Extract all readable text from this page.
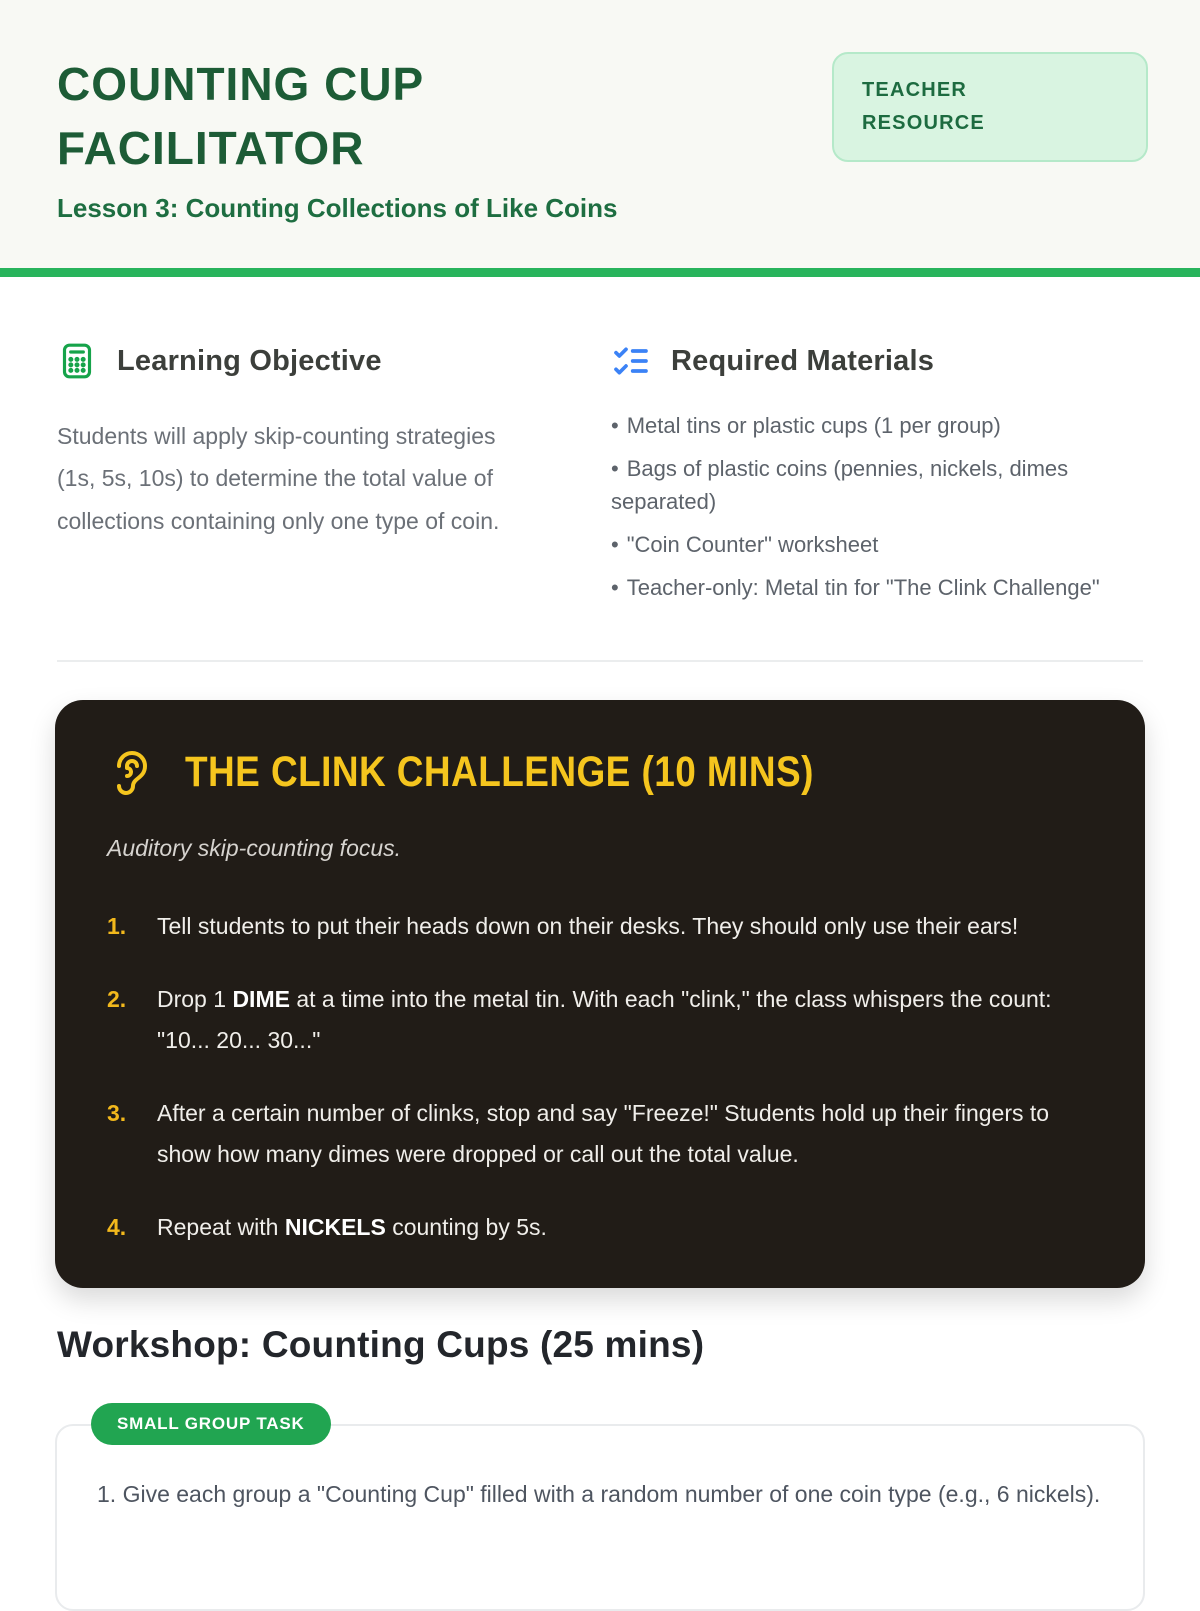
COUNTING CUP
FACILITATOR
Lesson 3: Counting Collections of Like Coins
TEACHER RESOURCE
Learning Objective

Students will apply skip-counting strategies (1s, 5s, 10s) to determine the total value of collections containing only one type of coin.

Required Materials

• Metal tins or plastic cups (1 per group)

• Bags of plastic coins (pennies, nickels, dimes separated)

• "Coin Counter" worksheet

• Teacher-only: Metal tin for "The Clink Challenge"

THE CLINK CHALLENGE (10 MINS)
Auditory skip-counting focus.
1.	Tell students to put their heads down on their desks. They should only use their ears!
2.	Drop 1 DIME at a time into the metal tin. With each "clink," the class whispers the count: "10... 20... 30..."
3.	After a certain number of clinks, stop and say "Freeze!" Students hold up their fingers to show how many dimes were dropped or call out the total value.
4.	Repeat with NICKELS counting by 5s.
Workshop: Counting Cups (25 mins)
SMALL GROUP TASK

1. Give each group a "Counting Cup" filled with a random number of one coin type (e.g., 6 nickels).
